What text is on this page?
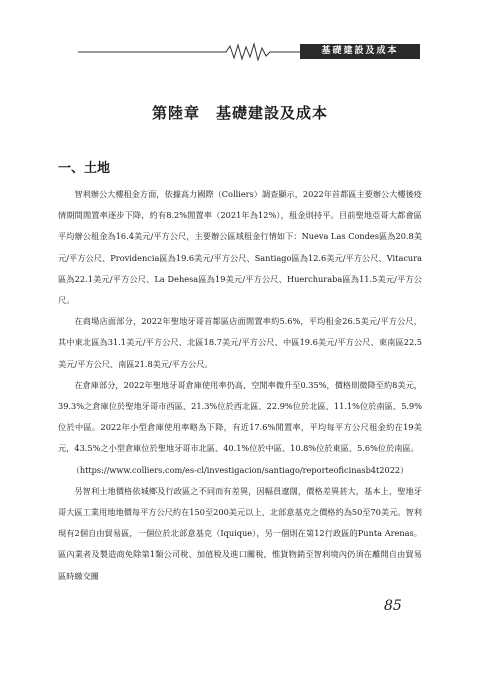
基礎建設及成本
第陸章　基礎建設及成本
一、土地

智利辦公大樓租金方面，依據高力國際（Colliers）調查顯示，2022年首都區主要辦公大樓後疫情期間閒置率逐步下降，約有8.2%閒置率（2021年為12%），租金則持平。目前聖地亞哥大都會區平均辦公租金為16.4美元/平方公尺，主要辦公區域租金行情如下：Nueva Las Condes區為20.8美元/平方公尺、Providencia區為19.6美元/平方公尺、Santiago區為12.6美元/平方公尺、Vitacura區為22.1美元/平方公尺、La Dehesa區為19美元/平方公尺、Huerchuraba區為11.5美元/平方公尺。

在商場店面部分，2022年聖地牙哥首都區店面閒置率約5.6%，平均租金26.5美元/平方公尺，其中東北區為31.1美元/平方公尺、北區18.7美元/平方公尺、中區19.6美元/平方公尺、東南區22.5美元/平方公尺、南區21.8美元/平方公尺。

在倉庫部分，2022年聖地牙哥倉庫使用率仍高，空閒率微升至0.35%，價格則微降至約8美元，39.3%之倉庫位於聖地牙哥市西區、21.3%位於西北區、22.9%位於北區、11.1%位於南區、5.9%位於中區。2022年小型倉庫使用率略為下降，有近17.6%閒置率，平均每平方公尺租金約在19美元，43.5%之小型倉庫位於聖地牙哥市北區、40.1%位於中區、10.8%位於東區、5.6%位於南區。

（https://www.colliers.com/es-cl/investigacion/santiago/reporteoficinasb4t2022）

另智利土地價格依城鄉及行政區之不同而有差異，因幅員遼闊，價格差異甚大，基本上，聖地牙哥大區工業用地地價每平方公尺約在150至200美元以上、北部意基克之價格約為50至70美元。智利現有2個自由貿易區，一個位於北部意基克（Iquique），另一個則在第12行政區的Punta Arenas。區內業者及製造商免除第1類公司稅、加值稅及進口關稅，惟貨物銷至智利境內仍須在離開自由貿易區時繳交關

85
